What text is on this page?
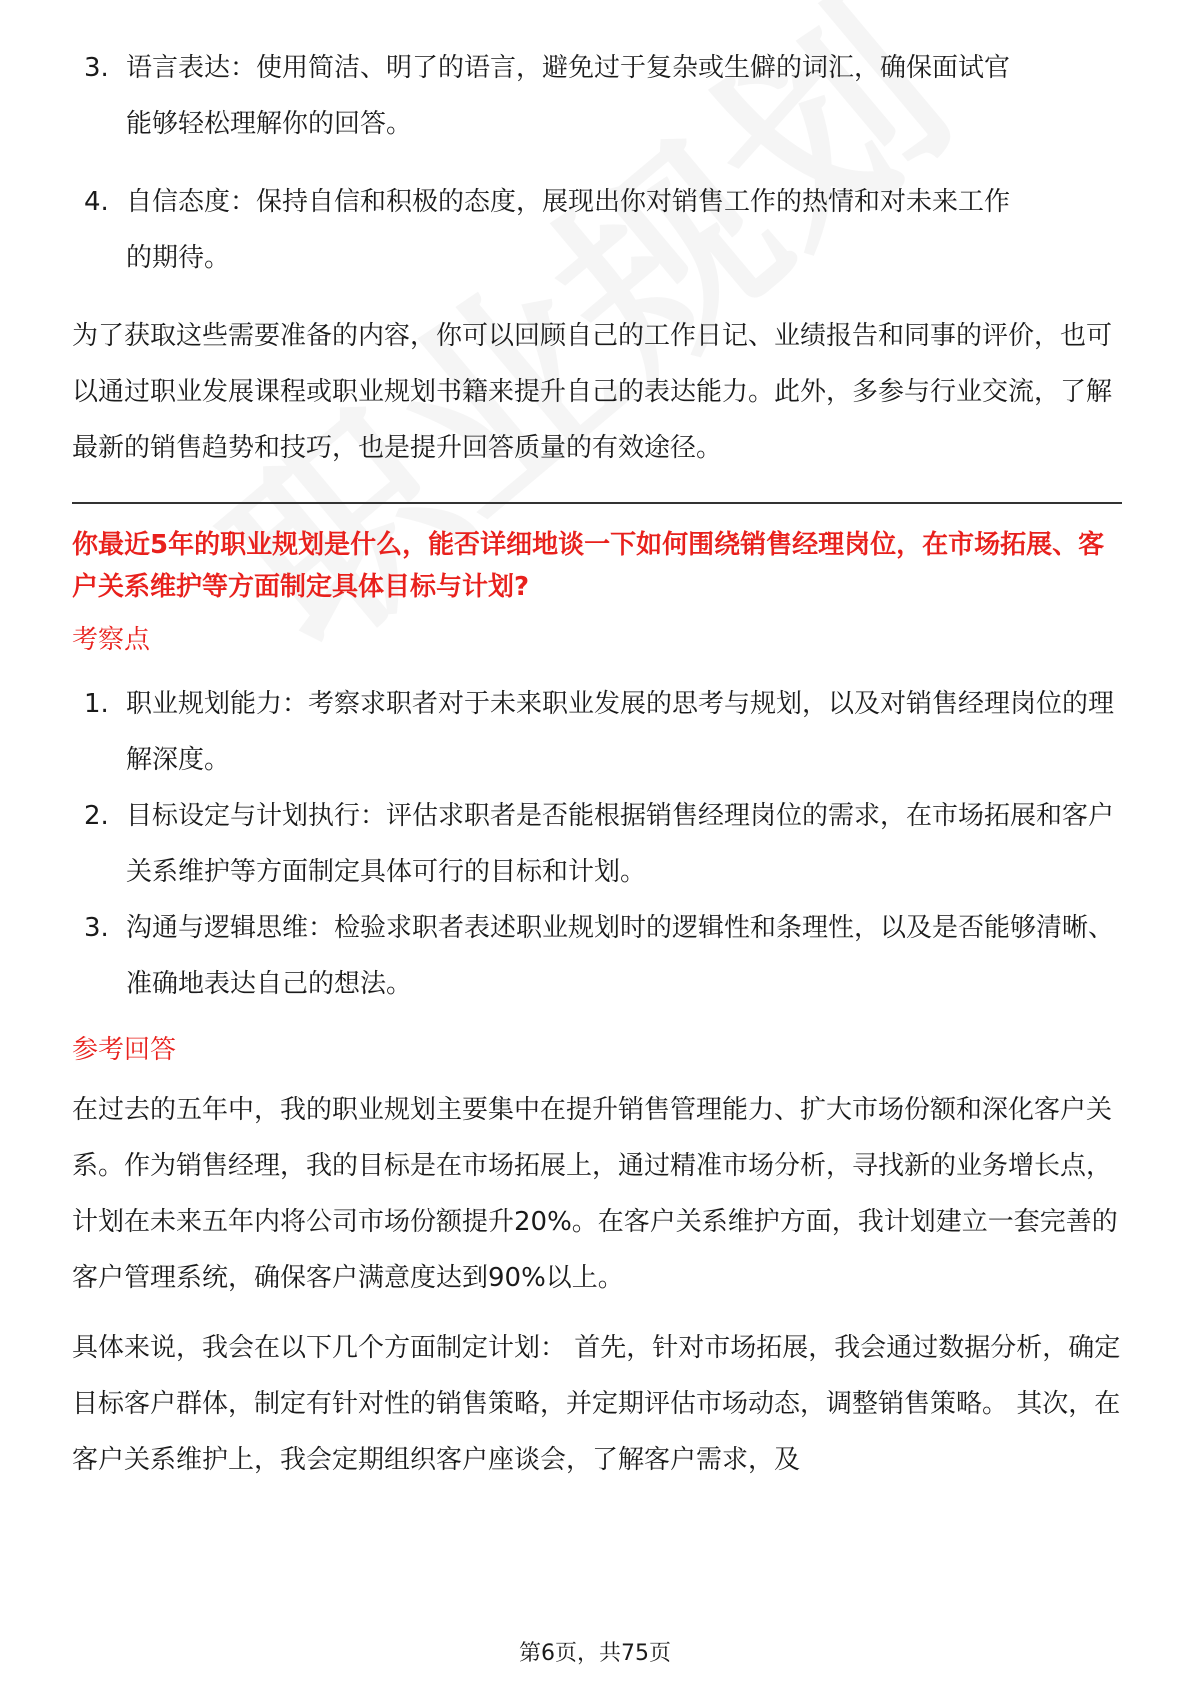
3. 语言表达：使用简洁、明了的语言，避免过于复杂或生僻的词汇，确保面试官
能够轻松理解你的回答。
4. 自信态度：保持自信和积极的态度，展现出你对销售工作的热情和对未来工作
的期待。

为了获取这些需要准备的内容，你可以回顾自己的工作日记、业绩报告和同事的评价，也可以通过职业发展课程或职业规划书籍来提升自己的表达能力。此外，多参与行业交流，了解最新的销售趋势和技巧，也是提升回答质量的有效途径。

你最近5年的职业规划是什么，能否详细地谈一下如何围绕销售经理岗位，在市场拓展、客户关系维护等方面制定具体目标与计划?

考察点
1. 职业规划能力：考察求职者对于未来职业发展的思考与规划，以及对销售经理岗位的理解深度。
2. 目标设定与计划执行：评估求职者是否能根据销售经理岗位的需求，在市场拓展和客户关系维护等方面制定具体可行的目标和计划。
3. 沟通与逻辑思维：检验求职者表述职业规划时的逻辑性和条理性，以及是否能够清晰、准确地表达自己的想法。
参考回答

在过去的五年中，我的职业规划主要集中在提升销售管理能力、扩大市场份额和深化客户关系。作为销售经理，我的目标是在市场拓展上，通过精准市场分析，寻找新的业务增长点，计划在未来五年内将公司市场份额提升20%。在客户关系维护方面，我计划建立一套完善的客户管理系统，确保客户满意度达到90%以上。

具体来说，我会在以下几个方面制定计划： 首先，针对市场拓展，我会通过数据分析，确定目标客户群体，制定有针对性的销售策略，并定期评估市场动态，调整销售策略。 其次，在客户关系维护上，我会定期组织客户座谈会，了解客户需求，及

第6页，共75页
